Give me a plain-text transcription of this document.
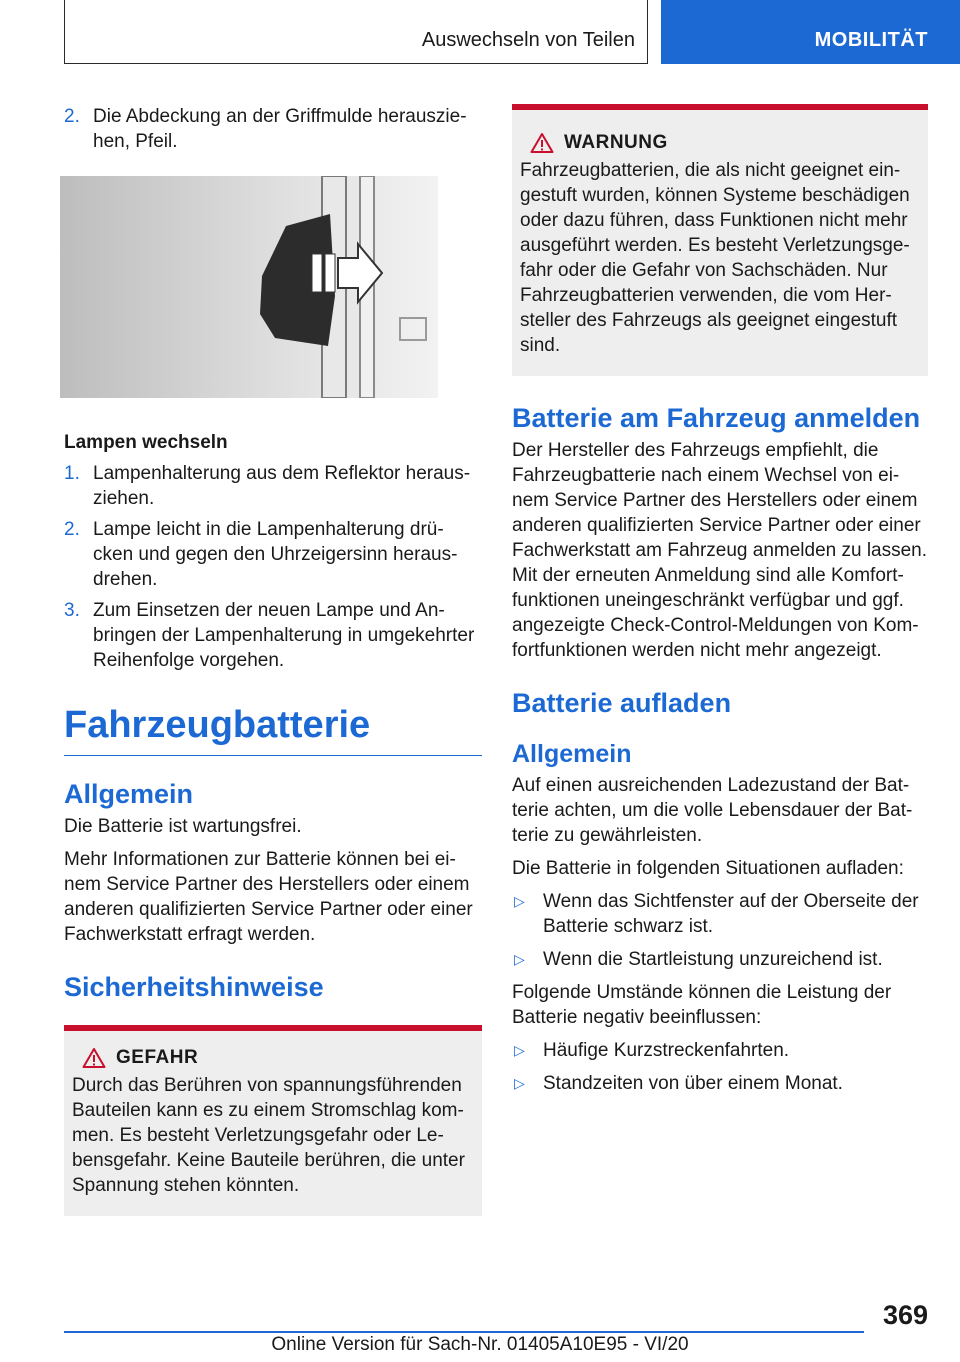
Auswechseln von Teilen	MOBILITÄT
2. Die Abdeckung an der Griffmulde herauszie-hen, Pfeil.

Lampen wechseln

1. Lampenhalterung aus dem Reflektor heraus-ziehen.
2. Lampe leicht in die Lampenhalterung drü-cken und gegen den Uhrzeigersinn heraus-drehen.
3. Zum Einsetzen der neuen Lampe und An-bringen der Lampenhalterung in umgekehrter Reihenfolge vorgehen.
Fahrzeugbatterie
Allgemein

Die Batterie ist wartungsfrei.

Mehr Informationen zur Batterie können bei ei-nem Service Partner des Herstellers oder einem anderen qualifizierten Service Partner oder einer Fachwerkstatt erfragt werden.

Sicherheitshinweise
GEFAHR

Durch das Berühren von spannungsführenden Bauteilen kann es zu einem Stromschlag kom-men. Es besteht Verletzungsgefahr oder Le-bensgefahr. Keine Bauteile berühren, die unter Spannung stehen könnten.

WARNUNG

Fahrzeugbatterien, die als nicht geeignet ein-gestuft wurden, können Systeme beschädigen oder dazu führen, dass Funktionen nicht mehr ausgeführt werden. Es besteht Verletzungsge-fahr oder die Gefahr von Sachschäden. Nur Fahrzeugbatterien verwenden, die vom Her-steller des Fahrzeugs als geeignet eingestuft sind.

Batterie am Fahrzeug anmelden

Der Hersteller des Fahrzeugs empfiehlt, die Fahrzeugbatterie nach einem Wechsel von ei-nem Service Partner des Herstellers oder einem anderen qualifizierten Service Partner oder einer Fachwerkstatt am Fahrzeug anmelden zu lassen. Mit der erneuten Anmeldung sind alle Komfort-funktionen uneingeschränkt verfügbar und ggf. angezeigte Check-Control-Meldungen von Kom-fortfunktionen werden nicht mehr angezeigt.

Batterie aufladen
Allgemein

Auf einen ausreichenden Ladezustand der Bat-terie achten, um die volle Lebensdauer der Bat-terie zu gewährleisten.

Die Batterie in folgenden Situationen aufladen:

▷ Wenn das Sichtfenster auf der Oberseite der Batterie schwarz ist.
▷ Wenn die Startleistung unzureichend ist.

Folgende Umstände können die Leistung der Batterie negativ beeinflussen:

▷ Häufige Kurzstreckenfahrten.
▷ Standzeiten von über einem Monat.
369
Online Version für Sach-Nr. 01405A10E95 - VI/20
